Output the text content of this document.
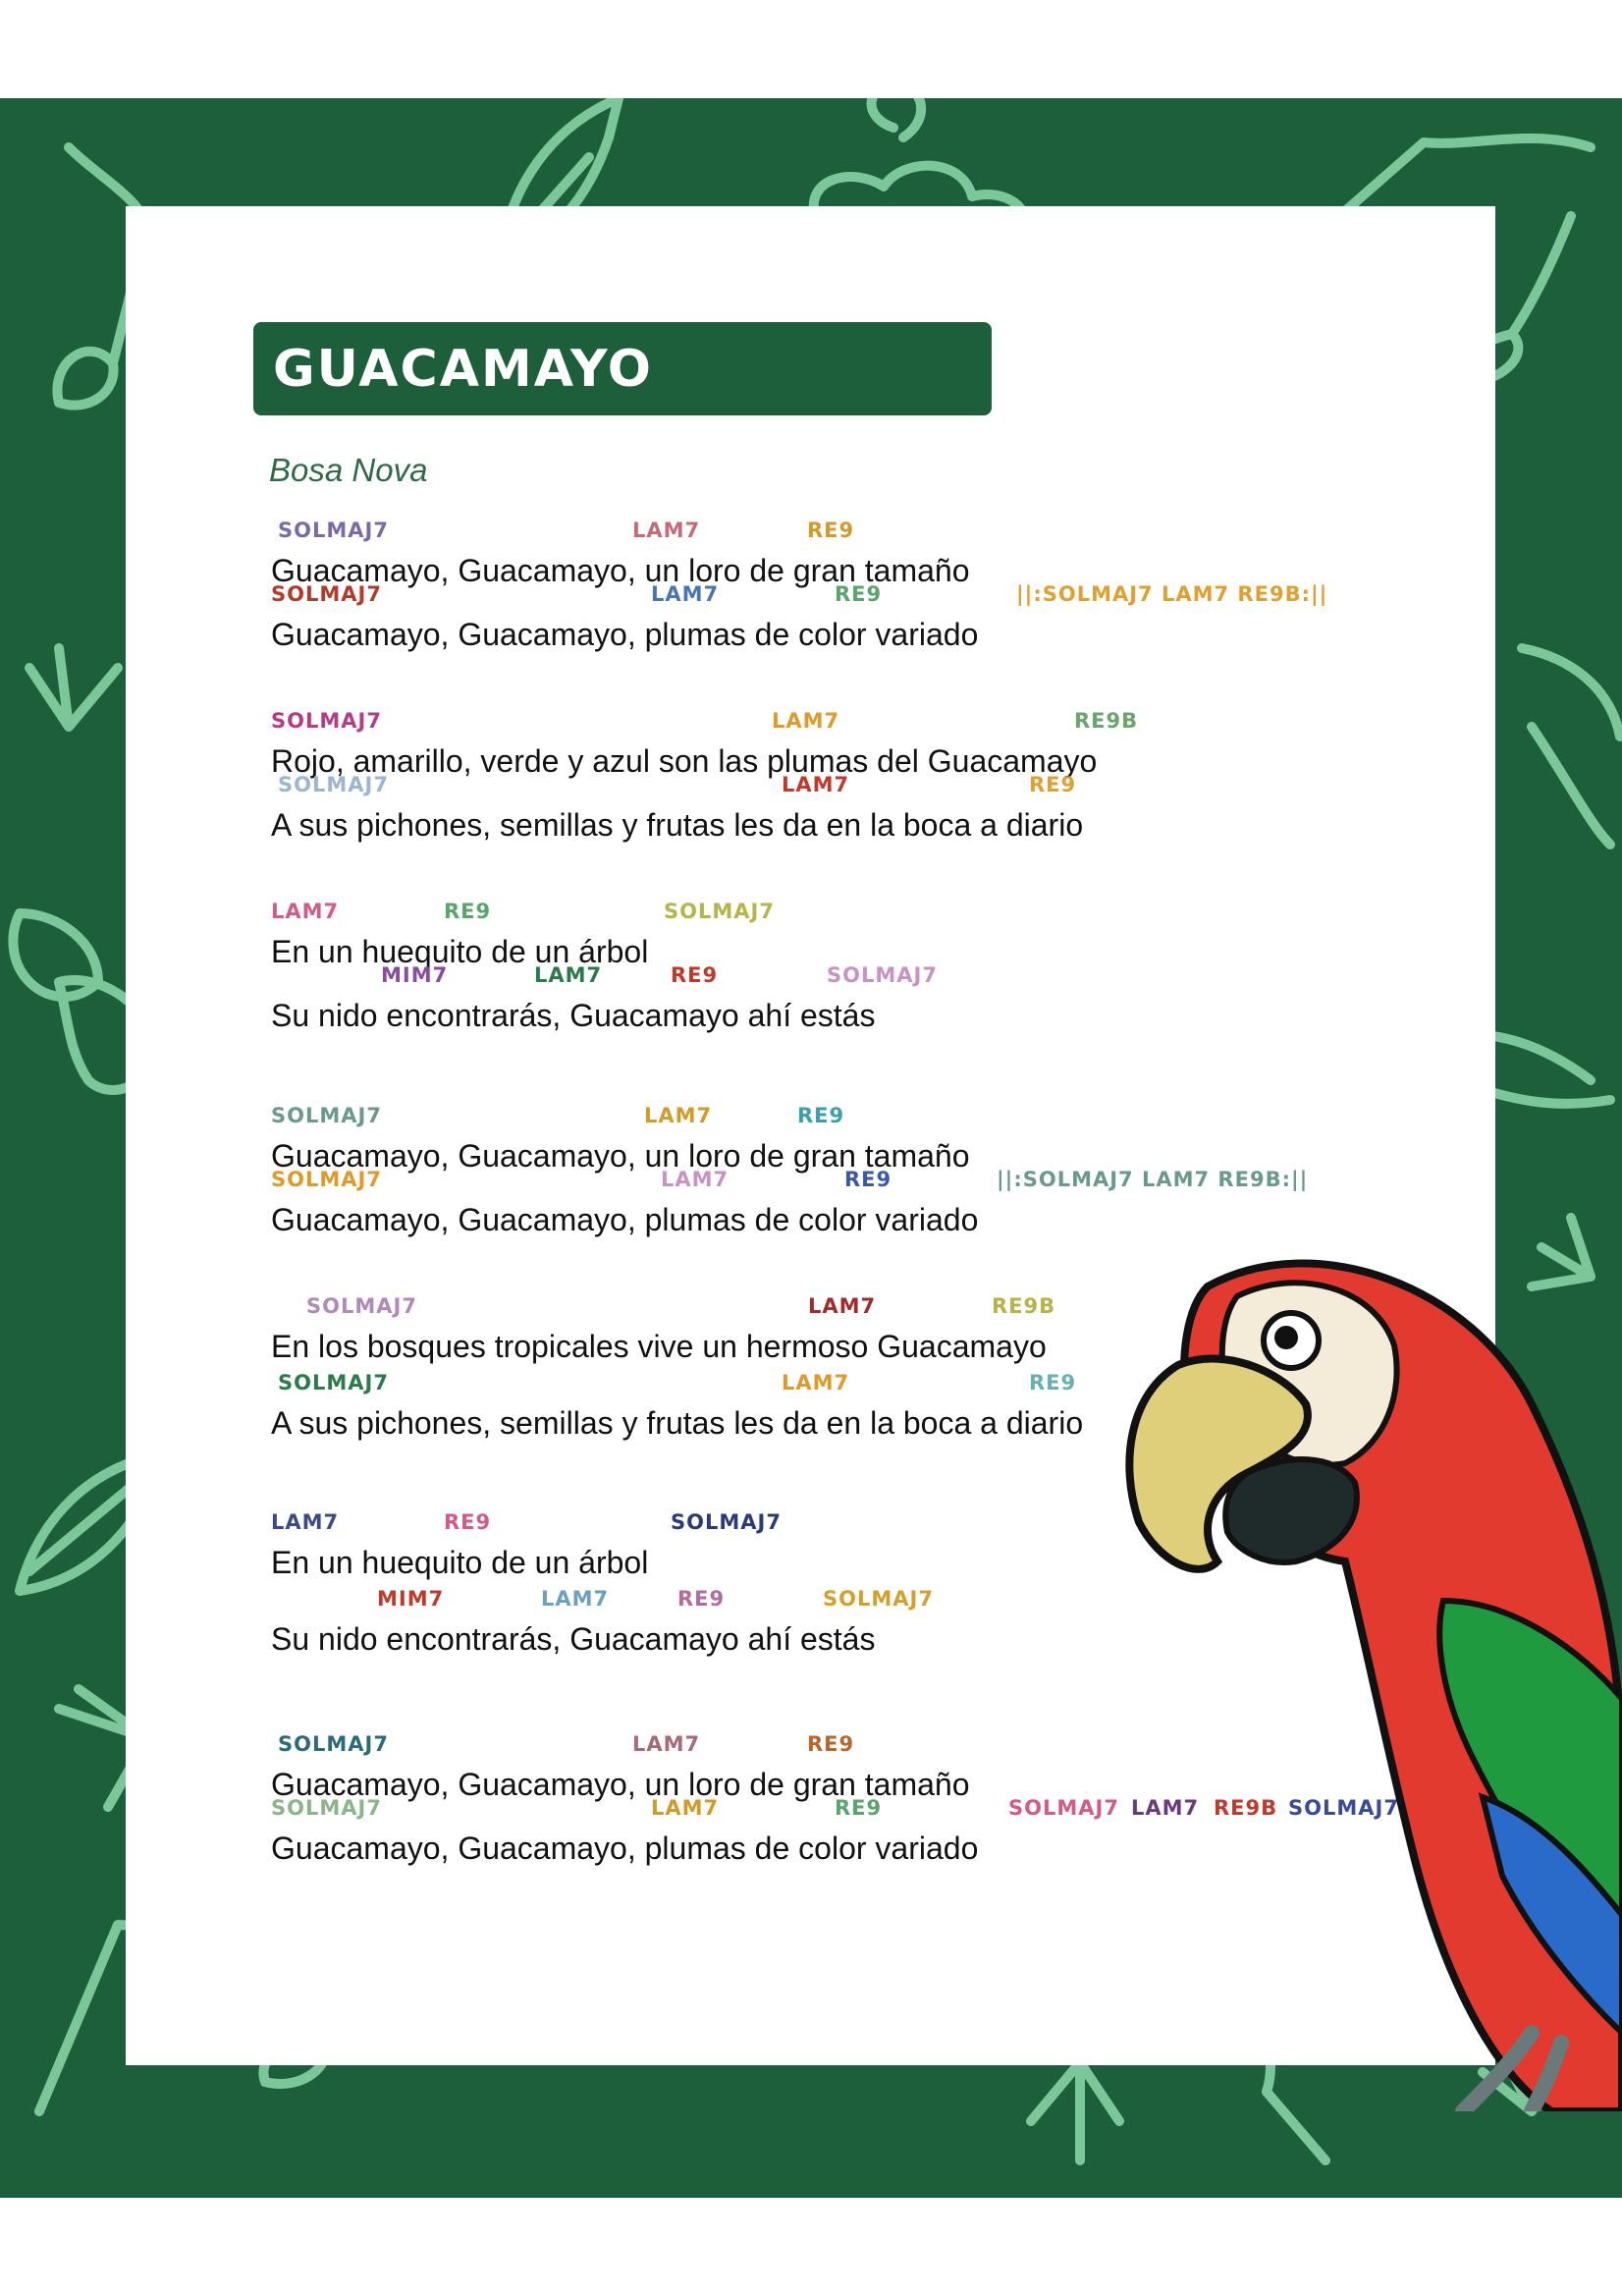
GUACAMAYO
Bosa Nova
SOLMAJ7	LAM7	RE9
Guacamayo, Guacamayo, un loro de gran tamaño
SOLMAJ7	LAM7	RE9	||:SOLMAJ7 LAM7 RE9B:||
Guacamayo, Guacamayo, plumas de color variado
SOLMAJ7	LAM7	RE9B
Rojo, amarillo, verde y azul son las plumas del Guacamayo
SOLMAJ7	LAM7	RE9
A sus pichones, semillas y frutas les da en la boca a diario
LAM7	RE9	SOLMAJ7
En un huequito de un árbol
MIM7	LAM7	RE9	SOLMAJ7
Su nido encontrarás, Guacamayo ahí estás
SOLMAJ7	LAM7	RE9
Guacamayo, Guacamayo, un loro de gran tamaño
SOLMAJ7	LAM7	RE9	||:SOLMAJ7 LAM7 RE9B:||
Guacamayo, Guacamayo, plumas de color variado
SOLMAJ7	LAM7	RE9B
En los bosques tropicales vive un hermoso Guacamayo
SOLMAJ7	LAM7	RE9
A sus pichones, semillas y frutas les da en la boca a diario
LAM7	RE9	SOLMAJ7
En un huequito de un árbol
MIM7	LAM7	RE9	SOLMAJ7
Su nido encontrarás, Guacamayo ahí estás
SOLMAJ7	LAM7	RE9
Guacamayo, Guacamayo, un loro de gran tamaño
SOLMAJ7	LAM7	RE9	SOLMAJ7 LAM7 RE9B SOLMAJ7
Guacamayo, Guacamayo, plumas de color variado
